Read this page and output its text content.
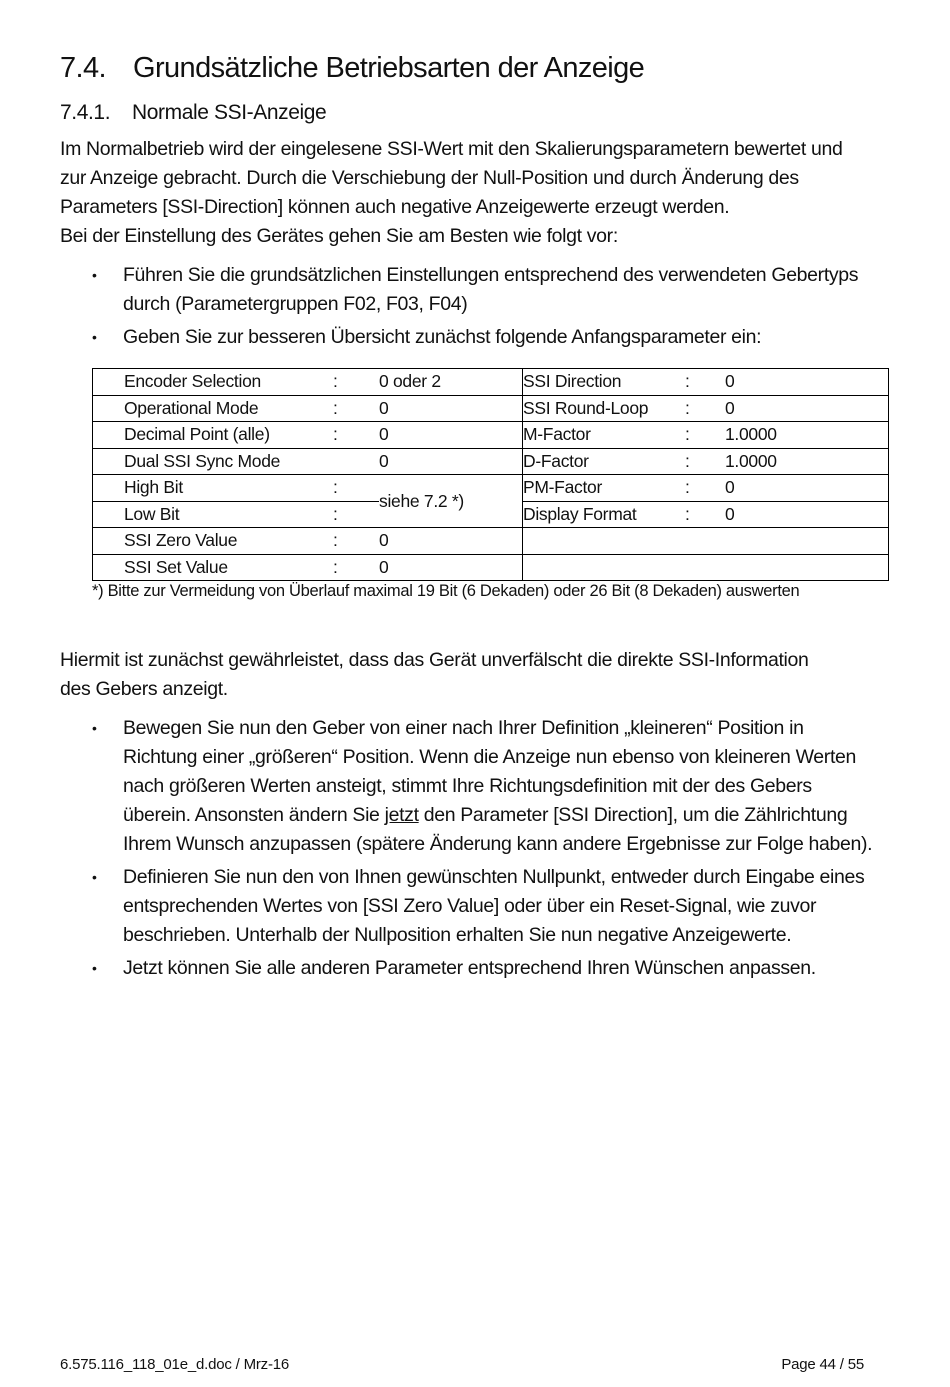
7.4. Grundsätzliche Betriebsarten der Anzeige
7.4.1. Normale SSI-Anzeige
Im Normalbetrieb wird der eingelesene SSI-Wert mit den Skalierungsparametern bewertet und
zur Anzeige gebracht. Durch die Verschiebung der Null-Position und durch Änderung des
Parameters [SSI-Direction] können auch negative Anzeigewerte erzeugt werden.
Bei der Einstellung des Gerätes gehen Sie am Besten wie folgt vor:
• Führen Sie die grundsätzlichen Einstellungen entsprechend des verwendeten Gebertyps
durch (Parametergruppen F02, F03, F04)
• Geben Sie zur besseren Übersicht zunächst folgende Anfangsparameter ein:
Encoder Selection	:	0 oder 2	SSI Direction	:	0
Operational Mode	:	0	SSI Round-Loop	:	0
Decimal Point (alle)	:	0	M-Factor	:	1.0000
Dual SSI Sync Mode		0	D-Factor	:	1.0000
High Bit	:	siehe 7.2 *)	PM-Factor	:	0
Low Bit	:		Display Format	:	0
SSI Zero Value	:	0			
SSI Set Value	:	0			
*) Bitte zur Vermeidung von Überlauf maximal 19 Bit (6 Dekaden) oder 26 Bit (8 Dekaden) auswerten
Hiermit ist zunächst gewährleistet, dass das Gerät unverfälscht die direkte SSI-Information
des Gebers anzeigt.
• Bewegen Sie nun den Geber von einer nach Ihrer Definition „kleineren“ Position in
Richtung einer „größeren“ Position. Wenn die Anzeige nun ebenso von kleineren Werten
nach größeren Werten ansteigt, stimmt Ihre Richtungsdefinition mit der des Gebers
überein. Ansonsten ändern Sie jetzt den Parameter [SSI Direction], um die Zählrichtung
Ihrem Wunsch anzupassen (spätere Änderung kann andere Ergebnisse zur Folge haben).
• Definieren Sie nun den von Ihnen gewünschten Nullpunkt, entweder durch Eingabe eines
entsprechenden Wertes von [SSI Zero Value] oder über ein Reset-Signal, wie zuvor
beschrieben. Unterhalb der Nullposition erhalten Sie nun negative Anzeigewerte.
• Jetzt können Sie alle anderen Parameter entsprechend Ihren Wünschen anpassen.
6.575.116_118_01e_d.doc / Mrz-16	Page 44 / 55
